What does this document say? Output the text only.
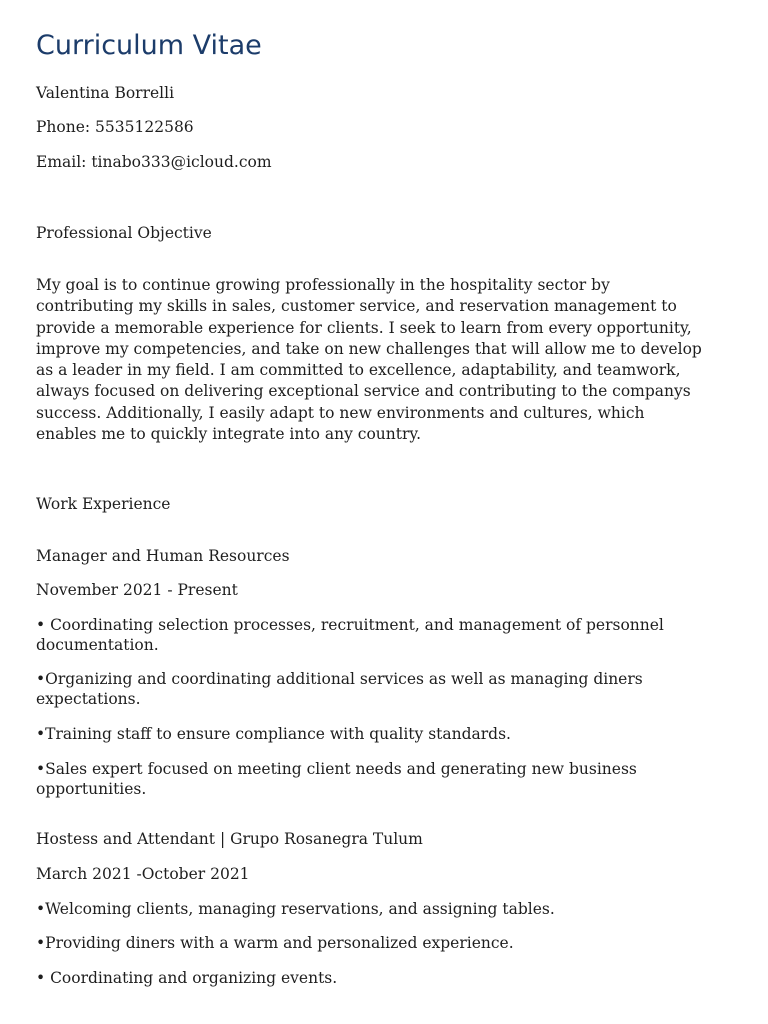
Curriculum Vitae

Valentina Borrelli

Phone: 5535122586

Email: tinabo333@icloud.com

Professional Objective

My goal is to continue growing professionally in the hospitality sector by
contributing my skills in sales, customer service, and reservation management to
provide a memorable experience for clients. I seek to learn from every opportunity,
improve my competencies, and take on new challenges that will allow me to develop
as a leader in my field. I am committed to excellence, adaptability, and teamwork,
always focused on delivering exceptional service and contributing to the companys
success. Additionally, I easily adapt to new environments and cultures, which
enables me to quickly integrate into any country.

Work Experience

Manager and Human Resources

November 2021 - Present

• Coordinating selection processes, recruitment, and management of personnel
documentation.

•Organizing and coordinating additional services as well as managing diners
expectations.

•Training staff to ensure compliance with quality standards.

•Sales expert focused on meeting client needs and generating new business
opportunities.

Hostess and Attendant | Grupo Rosanegra Tulum

March 2021 -October 2021

•Welcoming clients, managing reservations, and assigning tables.

•Providing diners with a warm and personalized experience.

• Coordinating and organizing events.
